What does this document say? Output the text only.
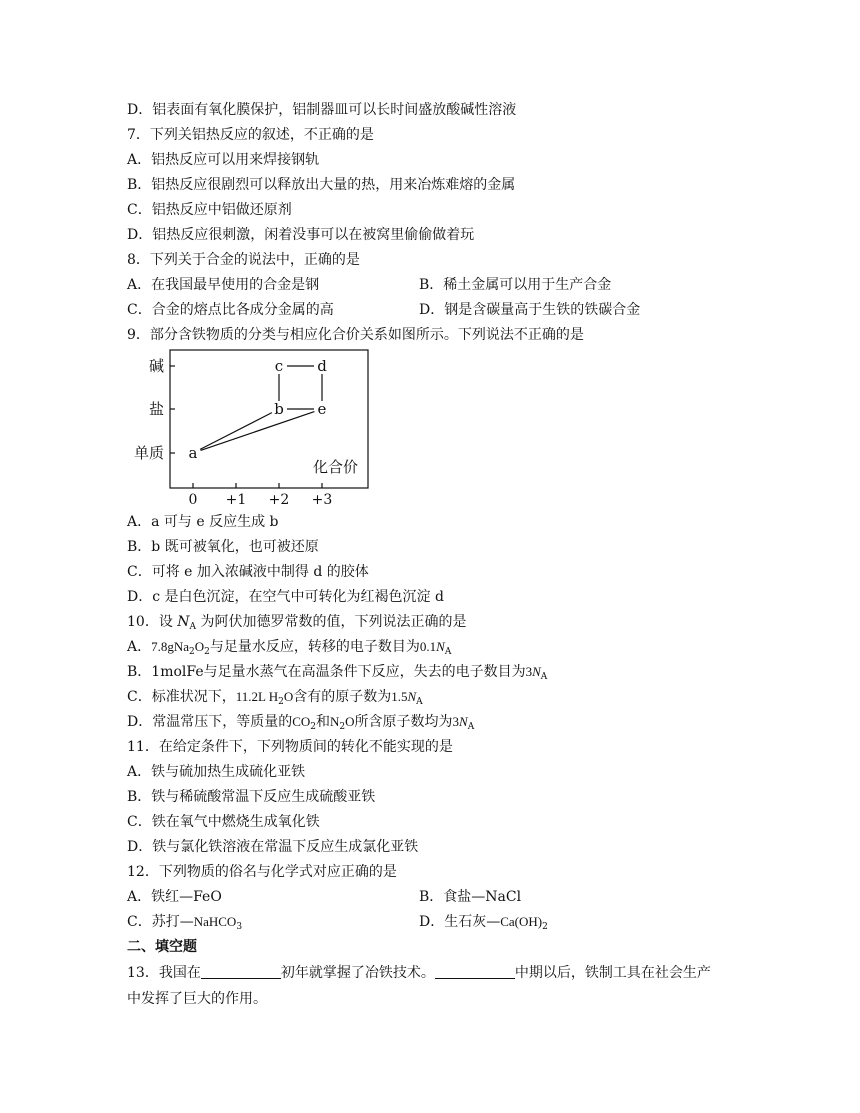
D．铝表面有氧化膜保护，铝制器皿可以长时间盛放酸碱性溶液
7．下列关铝热反应的叙述，不正确的是
A．铝热反应可以用来焊接钢轨
B．铝热反应很剧烈可以释放出大量的热，用来冶炼难熔的金属
C．铝热反应中铝做还原剂
D．铝热反应很刺激，闲着没事可以在被窝里偷偷做着玩
8．下列关于合金的说法中，正确的是
A．在我国最早使用的合金是钢	B．稀土金属可以用于生产合金
C．合金的熔点比各成分金属的高	D．钢是含碳量高于生铁的铁碳合金
9．部分含铁物质的分类与相应化合价关系如图所示。下列说法不正确的是
碱
盐
单质
0 +1 +2 +3
化合价
a
b
c d
e
A．a 可与 e 反应生成 b
B．b 既可被氧化，也可被还原
C．可将 e 加入浓碱液中制得 d 的胶体
D．c 是白色沉淀，在空气中可转化为红褐色沉淀 d
10．设 $N_A$ 为阿伏加德罗常数的值，下列说法正确的是
A．$7.8gNa_2O_2$与足量水反应，转移的电子数目为$0.1N_A$
B．1molFe与足量水蒸气在高温条件下反应，失去的电子数目为$3N_A$
C．标准状况下，11.2L $H_2O$含有的原子数为$1.5N_A$
D．常温常压下，等质量的$CO_2$和$N_2O$所含原子数均为$3N_A$
11．在给定条件下，下列物质间的转化不能实现的是
A．铁与硫加热生成硫化亚铁
B．铁与稀硫酸常温下反应生成硫酸亚铁
C．铁在氧气中燃烧生成氧化铁
D．铁与氯化铁溶液在常温下反应生成氯化亚铁
12．下列物质的俗名与化学式对应正确的是
A．铁红—FeO	B．食盐—NaCl
C．苏打—NaHCO$_3$	D．生石灰$—Ca(OH)_2$
二、填空题
13．我国在	初年就掌握了冶铁技术。	中期以后，铁制工具在社会生产
中发挥了巨大的作用。
